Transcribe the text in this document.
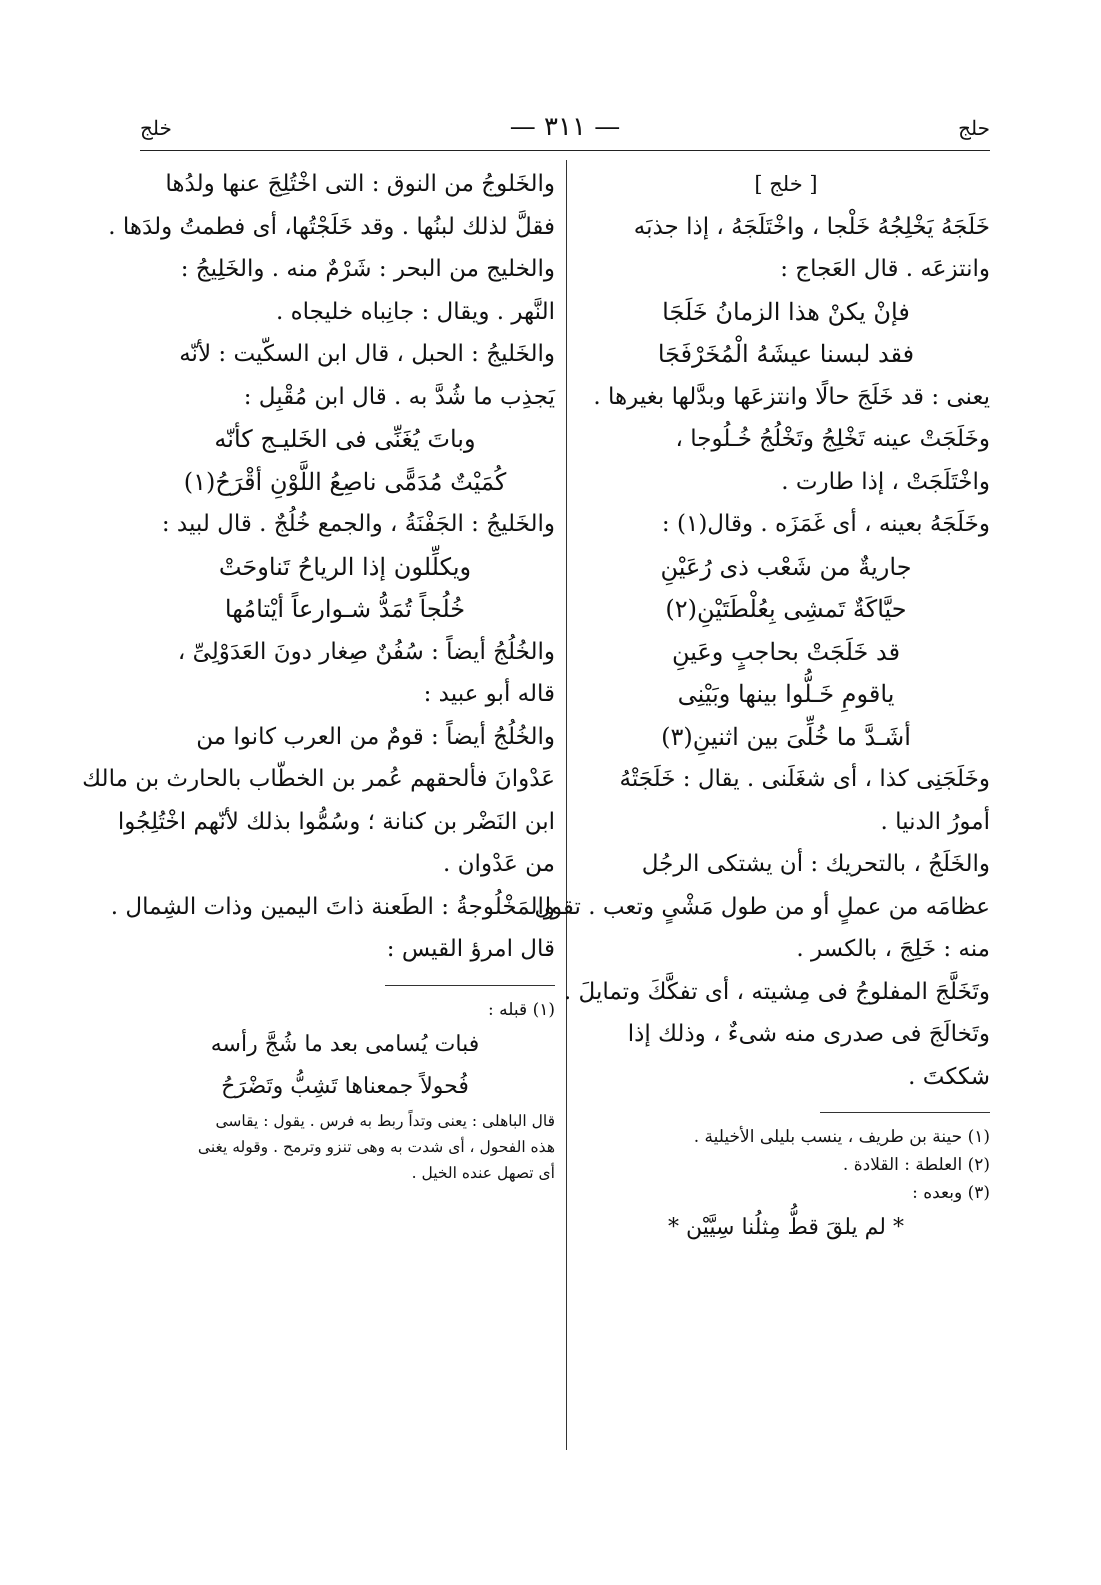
حلج
— ٣١١ —
خلج
[ خلج ]
خَلَجَهُ يَخْلِجُهُ خَلْجا ، واخْتَلَجَهُ ، إذا جذبَه
وانتزعَه . قال العَجاج :
فإنْ يكنْ هذا الزمانُ خَلَجَا
فقد لبسنا عيشَهُ الْمُخَرْفَجَا
يعنى : قد خَلَجَ حالًا وانتزعَها وبدَّلها بغيرها .
وخَلَجَتْ عينه تَخْلِجُ وتَخْلُجُ خُـلُوجا ،
واخْتَلَجَتْ ، إذا طارت .
وخَلَجَهُ بعينه ، أى غَمَزَه . وقال(١) :
جاريةٌ من شَعْب ذى رُعَيْنِ
حيَّاكَةٌ تَمشِى بِعُلْطَتَيْنِ(٢)
قد خَلَجَتْ بحاجبٍ وعَينِ
ياقومِ خَـلُّوا بينها وبَيْنِى
أشَـدَّ ما خُلِّىَ بين اثنينِ(٣)
وخَلَجَنِى كذا ، أى شغَلَنى . يقال : خَلَجَتْهُ
أمورُ الدنيا .
والخَلَجُ ، بالتحريك : أن يشتكى الرجُل
عظامَه من عملٍ أو من طول مَشْىٍ وتعب . تقول
منه : خَلِجَ ، بالكسر .
وتَخَلَّجَ المفلوجُ فى مِشيته ، أى تفكَّكَ وتمايلَ .
وتَخالَجَ فى صدرى منه شىءٌ ، وذلك إذا
شككتَ .
(١) حينة بن طريف ، ينسب بليلى الأخيلية .
(٢) العلطة : القلادة .
(٣) وبعده :
* لم يلقَ قطُّ مِثلُنا سِيَّيْن *
والخَلوجُ من النوق : التى اخْتُلِجَ عنها ولدُها
فقلَّ لذلك لبنُها . وقد خَلَجْتُها، أى فطمتُ ولدَها .
والخليج من البحر : شَرْمٌ منه . والخَلِيجُ :
النَّهر . ويقال : جانِباه خليجاه .
والخَليجُ : الحبل ، قال ابن السكّيت : لأنّه
يَجذِب ما شُدَّ به . قال ابن مُقْبِل :
وباتَ يُغَنِّى فى الخَليـج كأنّه
كُمَيْتٌ مُدَمًّى ناصِعُ اللَّوْنِ أقْرَحُ(١)
والخَليجُ : الجَفْنَةُ ، والجمع خُلُجٌ . قال لبيد :
ويكلِّلون إذا الرياحُ تَناوحَتْ
خُلُجاً تُمَدُّ شـوارعاً أيْتامُها
والخُلُجُ أيضاً : سُفُنٌ صِغار دونَ العَدَوْلِىِّ ،
قاله أبو عبيد :
والخُلُجُ أيضاً : قومٌ من العرب كانوا من
عَدْوانَ فألحقهم عُمر بن الخطّاب بالحارث بن مالك
ابن النَضْر بن كنانة ؛ وسُمُّوا بذلك لأنّهم اخْتُلِجُوا
من عَدْوان .
والمَخْلُوجةُ : الطَعنة ذاتَ اليمين وذات الشِمال .
قال امرؤ القيس :
(١) قبله :
فبات يُسامى بعد ما شُجَّ رأسه
فُحولاً جمعناها تَشِبُّ وتَضْرَحُ
قال الباهلى : يعنى وتداً ربط به فرس . يقول : يقاسى
هذه الفحول ، أى شدت به وهى تنزو وترمح . وقوله يغنى
أى تصهل عنده الخيل .
